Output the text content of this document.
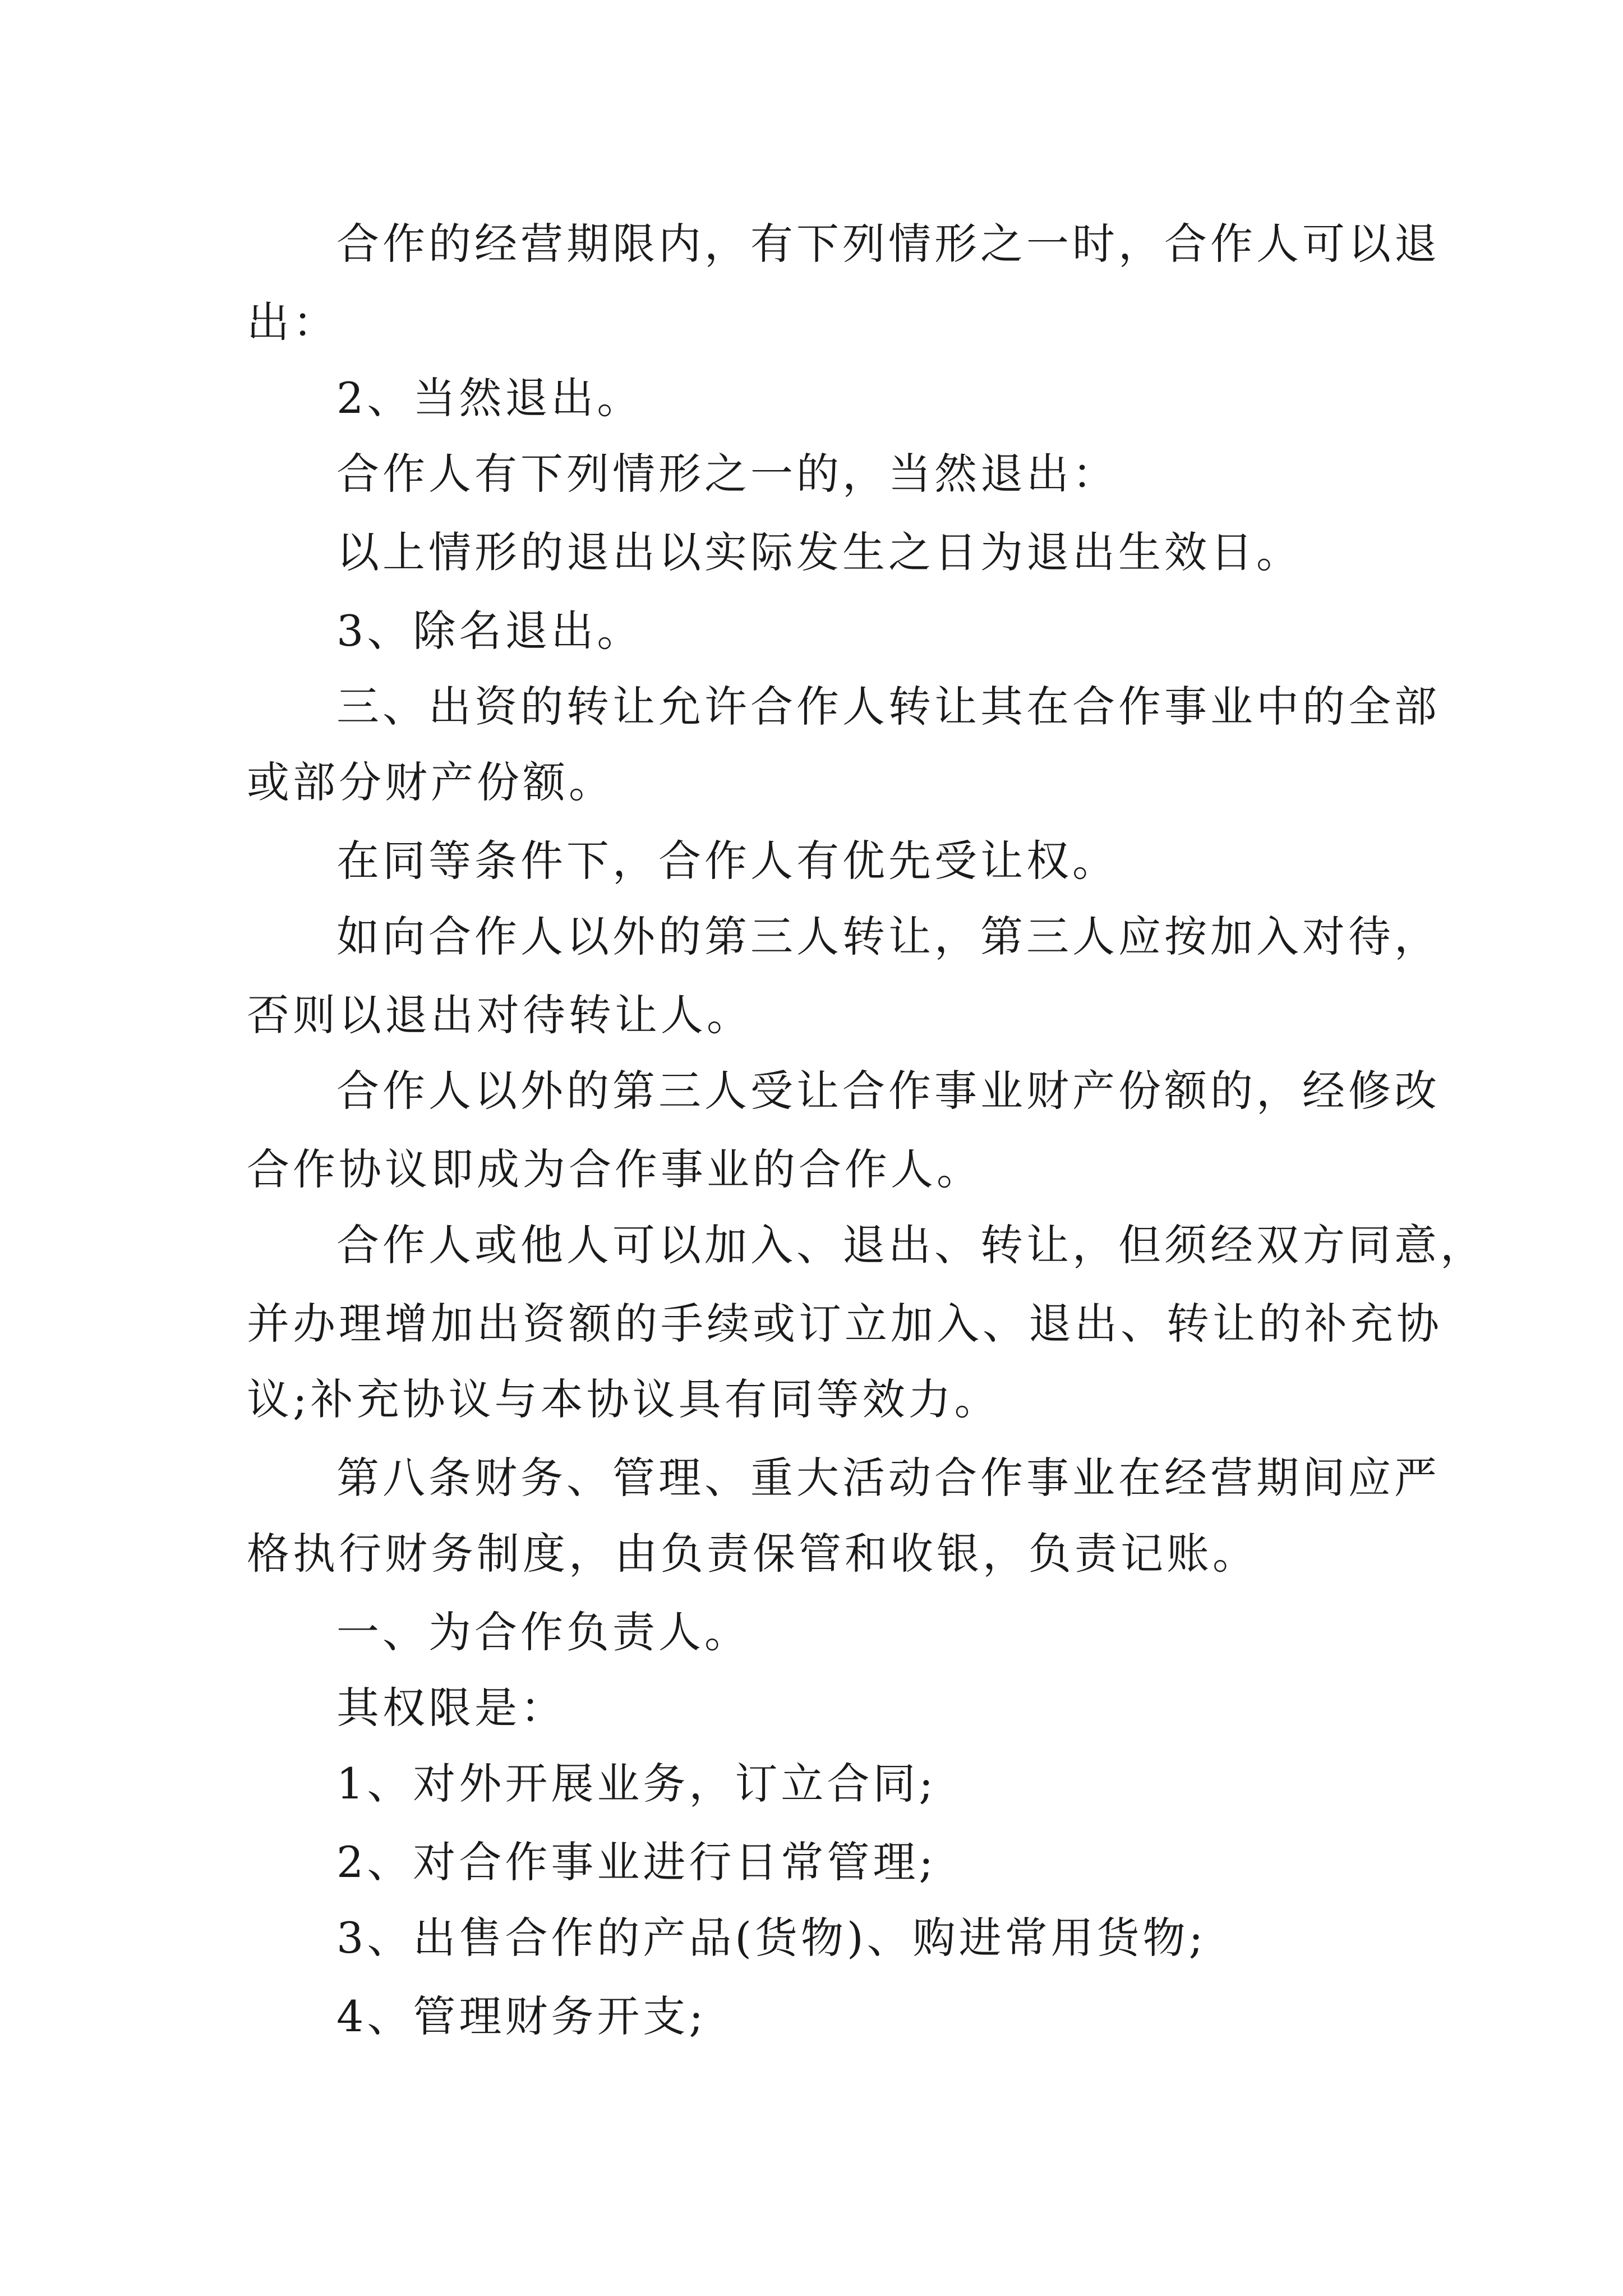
合作的经营期限内，有下列情形之一时，合作人可以退
出：
2、当然退出。
合作人有下列情形之一的，当然退出：
以上情形的退出以实际发生之日为退出生效日。
3、除名退出。
三、出资的转让允许合作人转让其在合作事业中的全部
或部分财产份额。
在同等条件下，合作人有优先受让权。
如向合作人以外的第三人转让，第三人应按加入对待，
否则以退出对待转让人。
合作人以外的第三人受让合作事业财产份额的，经修改
合作协议即成为合作事业的合作人。
合作人或他人可以加入、退出、转让，但须经双方同意，
并办理增加出资额的手续或订立加入、退出、转让的补充协
议;补充协议与本协议具有同等效力。
第八条财务、管理、重大活动合作事业在经营期间应严
格执行财务制度，由负责保管和收银，负责记账。
一、为合作负责人。
其权限是：
1、对外开展业务，订立合同;
2、对合作事业进行日常管理;
3、出售合作的产品(货物)、购进常用货物;
4、管理财务开支;
